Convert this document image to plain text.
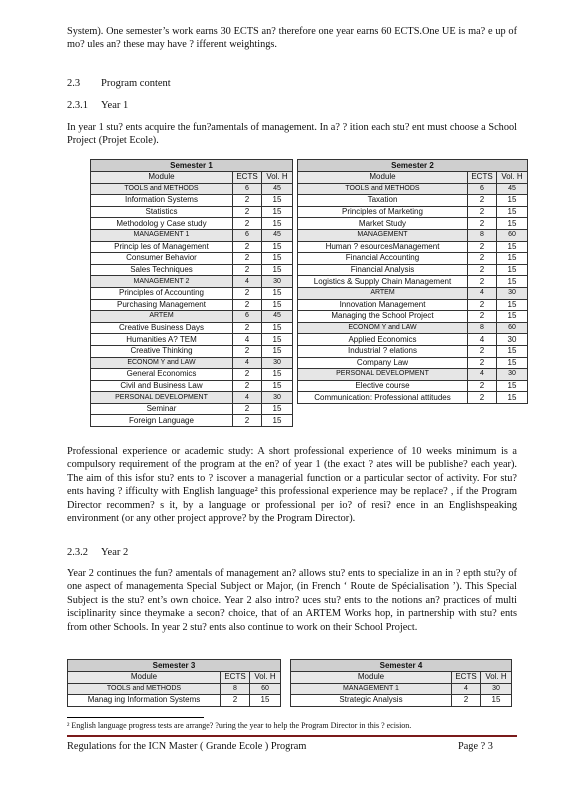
System). One semester’s work earns 30 ECTS an? therefore one year earns 60 ECTS.One UE is ma? e up of mo? ules an? these may have ? ifferent weightings.
2.3 Program content
2.3.1 Year 1
In year 1 stu? ents acquire the fun?amentals of management. In a? ? ition each stu? ent must choose a School Project (Projet Ecole).
Semester 1		
Module	ECTS	Vol. H
TOOLS and METHODS	6	45
Information Systems	2	15
Statistics	2	15
Methodolog y Case study	2	15
MANAGEMENT 1	6	45
Princip les of Management	2	15
Consumer Behavior	2	15
Sales Techniques	2	15
MANAGEMENT 2	4	30
Principles of Accounting	2	15
Purchasing Management	2	15
ARTEM	6	45
Creative Business Days	2	15
Humanities A? TEM	4	15
Creative Thinking	2	15
ECONOM Y and LAW	4	30
General Economics	2	15
Civil and Business Law	2	15
PERSONAL DEVELOPMENT	4	30
Seminar	2	15
Foreign Language	2	15
Semester 2		
Module	ECTS	Vol. H
TOOLS and METHODS	6	45
Taxation	2	15
Principles of Marketing	2	15
Market Study	2	15
MANAGEMENT	8	60
Human ? esourcesManagement	2	15
Financial Accounting	2	15
Financial Analysis	2	15
Logistics & Supply Chain Management	2	15
ARTEM	4	30
Innovation Management	2	15
Managing the School Project	2	15
ECONOM Y and LAW	8	60
Applied Economics	4	30
Industrial ? elations	2	15
Company Law	2	15
PERSONAL DEVELOPMENT	4	30
Elective course	2	15
Communication: Professional attitudes	2	15
Professional experience or academic study: A short professional experience of 10 weeks minimum is a compulsory requirement of the program at the en? of year 1 (the exact ? ates will be publishe? each year). The aim of this isfor stu? ents to ? iscover a managerial function or a particular sector of activity. For stu? ents having ? ifficulty with English language² this professional experience may be replace? , if the Program Director recommen? s it, by a language or professional per io? of resi? ence in an Englishspeaking environment (or any other project approve? by the Program Director).
2.3.2 Year 2
Year 2 continues the fun? amentals of management an? allows stu? ents to specialize in an in ? epth stu?y of one aspect of managementa Special Subject or Major, (in French ‘ Route de Spécialisation ’). This Special Subject is the stu? ent’s own choice. Year 2 also intro? uces stu? ents to the notions an? practices of multi isciplinarity since theymake a secon? choice, that of an ARTEM Works hop, in partnership with stu? ents from other Schools. In year 2 stu? ents also continue to work on their School Project.
Semester 3		
Module	ECTS	Vol. H
TOOLS and METHODS	8	60
Manag ing Information Systems	2	15
Semester 4		
Module	ECTS	Vol. H
MANAGEMENT 1	4	30
Strategic Analysis	2	15
² English language progress tests are arrange? ?uring the year to help the Program Director in this ? ecision.
Regulations for the ICN Master ( Grande Ecole ) Program	Page ? 3
